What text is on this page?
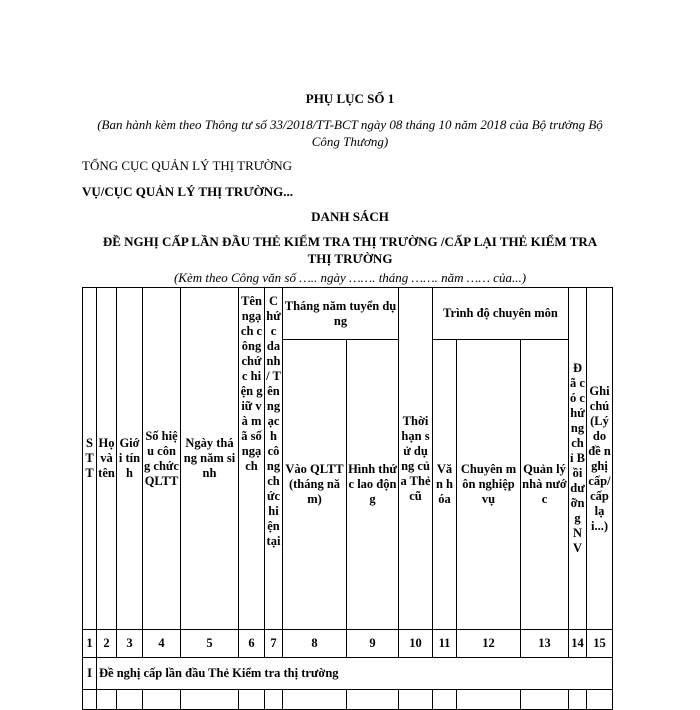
PHỤ LỤC SỐ 1
(Ban hành kèm theo Thông tư số 33/2018/TT-BCT ngày 08 tháng 10 năm 2018 của Bộ trưởng Bộ
Công Thương)
TỔNG CỤC QUẢN LÝ THỊ TRƯỜNG
VỤ/CỤC QUẢN LÝ THỊ TRƯỜNG...
DANH SÁCH
ĐỀ NGHỊ CẤP LẦN ĐẦU THẺ KIỂM TRA THỊ TRƯỜNG /CẤP LẠI THẺ KIỂM TRA
THỊ TRƯỜNG
(Kèm theo Công văn số ….. ngày ……. tháng ……. năm …… của...)
STT	Họ và tên	Giới tính	Số hiệu công chức QLTT	Ngày tháng năm sinh	Tên ngạch công chức hiện giữ và mã số ngạch	Chức danh / Tên ngạch công chức hiện tại	Tháng năm tuyển dụng		Thời hạn sử dụng của Thẻ cũ	Trình độ chuyên môn			Đã có chứng chỉ Bồi dưỡng NV	Ghi chú (Lý do đề nghị cấp/ cấp lại...)
							Vào QLTT (tháng năm)	Hình thức lao động		Văn hóa	Chuyên môn nghiệp vụ	Quản lý nhà nước		
1	2	3	4	5	6	7	8	9	10	11	12	13	14	15
I	Đề nghị cấp lần đầu Thẻ Kiểm tra thị trường													
